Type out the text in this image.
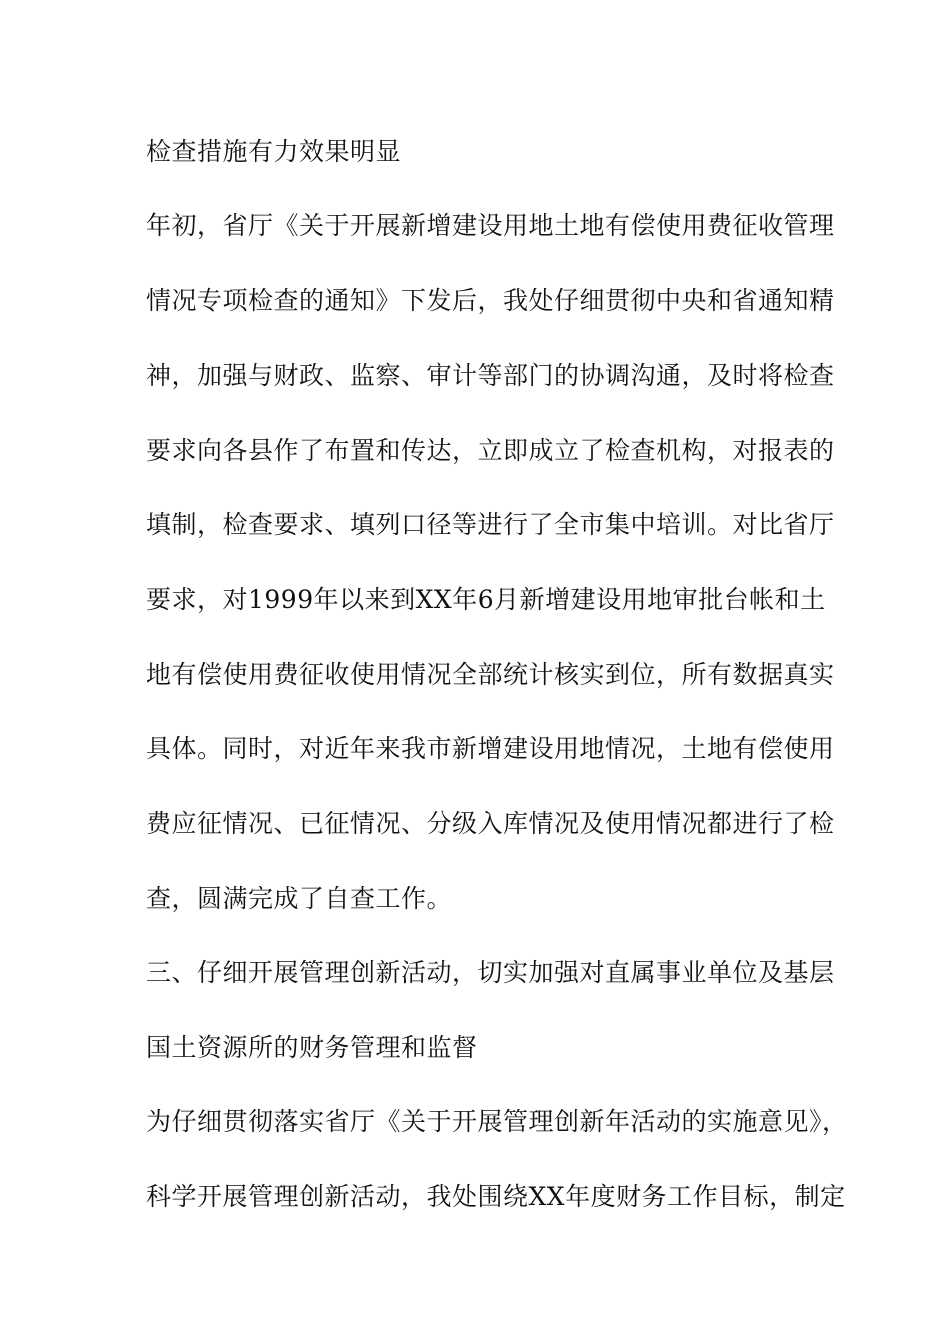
检查措施有力效果明显
年初，省厅《关于开展新增建设用地土地有偿使用费征收管理
情况专项检查的通知》下发后，我处仔细贯彻中央和省通知精
神，加强与财政、监察、审计等部门的协调沟通，及时将检查
要求向各县作了布置和传达，立即成立了检查机构，对报表的
填制，检查要求、填列口径等进行了全市集中培训。对比省厅
要求，对1999年以来到XX年6月新增建设用地审批台帐和土
地有偿使用费征收使用情况全部统计核实到位，所有数据真实
具体。同时，对近年来我市新增建设用地情况，土地有偿使用
费应征情况、已征情况、分级入库情况及使用情况都进行了检
查，圆满完成了自查工作。
三、仔细开展管理创新活动，切实加强对直属事业单位及基层
国土资源所的财务管理和监督
为仔细贯彻落实省厅《关于开展管理创新年活动的实施意见》，
科学开展管理创新活动，我处围绕XX年度财务工作目标，制定
